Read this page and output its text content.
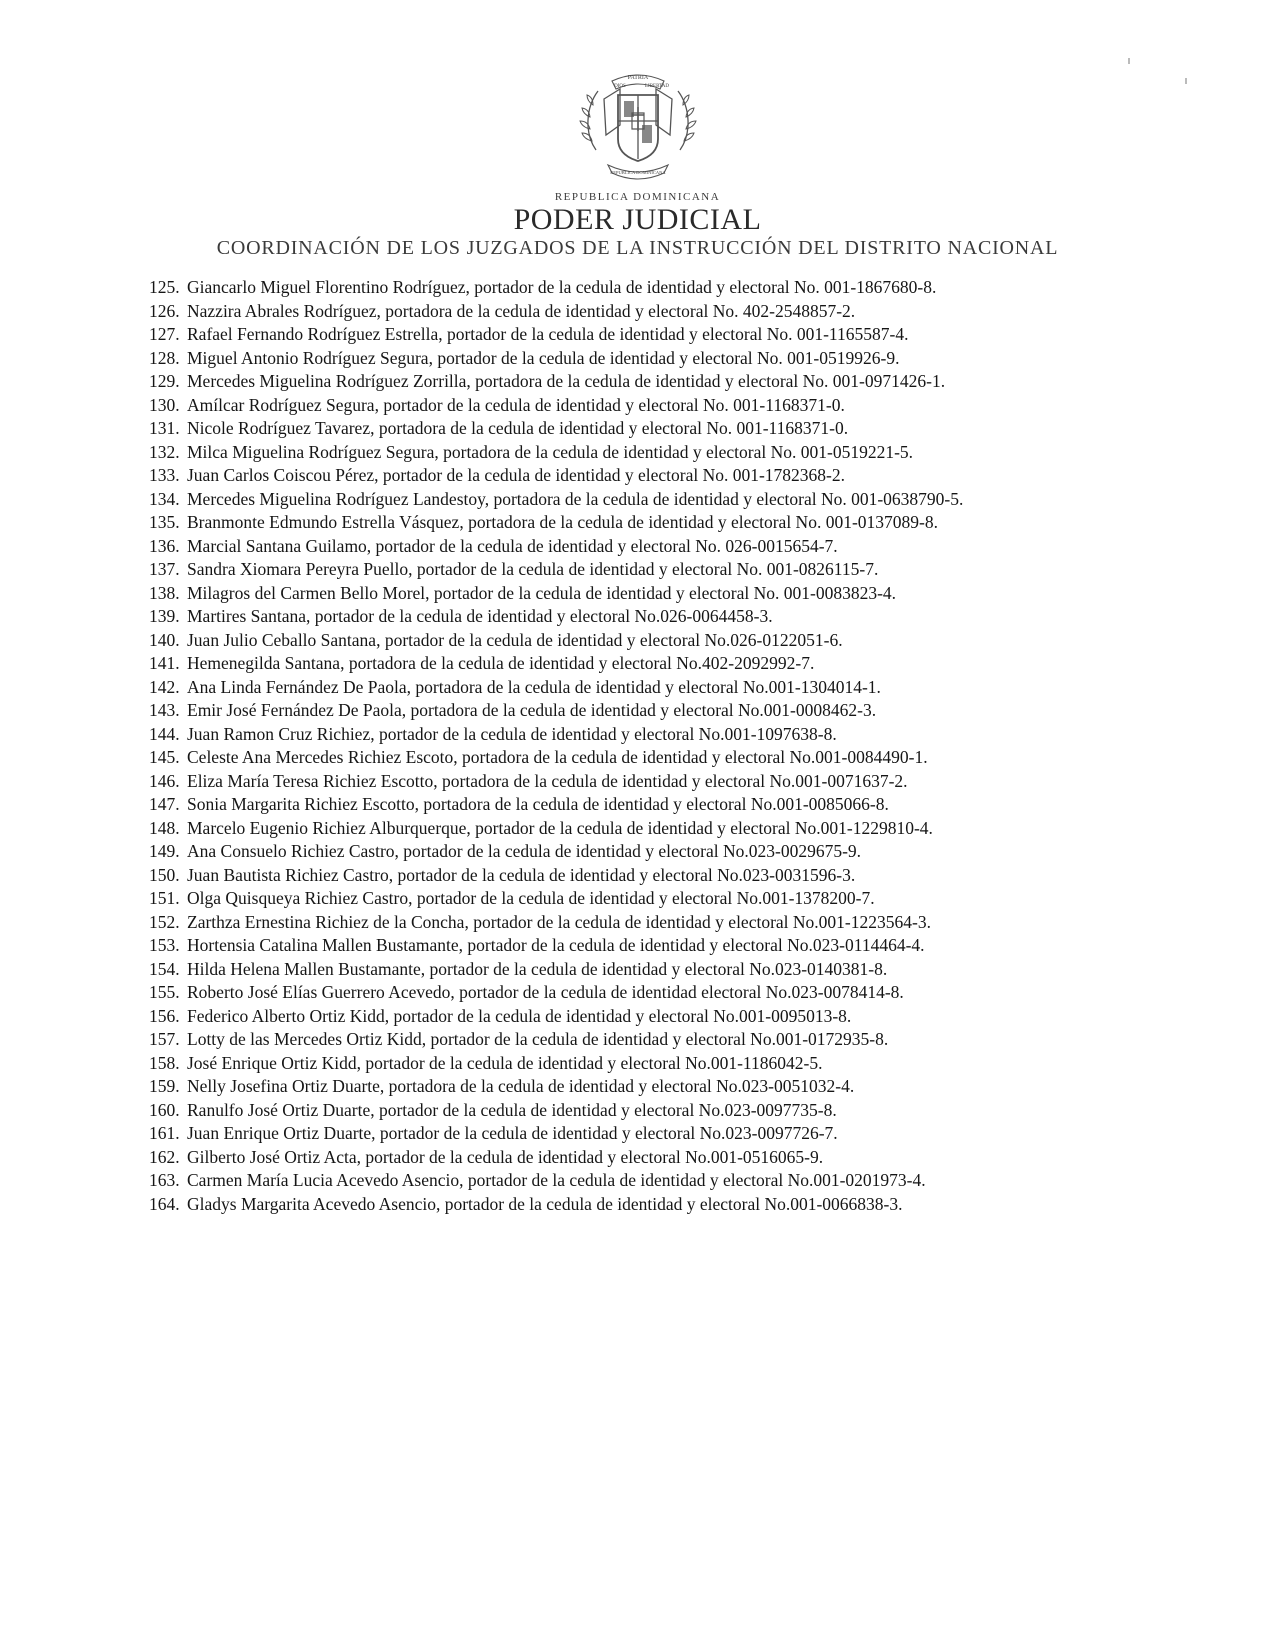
PATRIA
DIOS	LIBERTAD
REPUBLICA DOMINICANA
REPUBLICA DOMINICANA
PODER JUDICIAL
COORDINACIÓN DE LOS JUZGADOS DE LA INSTRUCCIÓN DEL DISTRITO NACIONAL
125. Giancarlo Miguel Florentino Rodríguez, portador de la cedula de identidad y electoral No. 001-1867680-8.
126. Nazzira Abrales Rodríguez, portadora de la cedula de identidad y electoral No. 402-2548857-2.
127. Rafael Fernando Rodríguez Estrella, portador de la cedula de identidad y electoral No. 001-1165587-4.
128. Miguel Antonio Rodríguez Segura, portador de la cedula de identidad y electoral No. 001-0519926-9.
129. Mercedes Miguelina Rodríguez Zorrilla, portadora de la cedula de identidad y electoral No. 001-0971426-1.
130. Amílcar Rodríguez Segura, portador de la cedula de identidad y electoral No. 001-1168371-0.
131. Nicole Rodríguez Tavarez, portadora de la cedula de identidad y electoral No. 001-1168371-0.
132. Milca Miguelina Rodríguez Segura, portadora de la cedula de identidad y electoral No. 001-0519221-5.
133. Juan Carlos Coiscou Pérez, portador de la cedula de identidad y electoral No. 001-1782368-2.
134. Mercedes Miguelina Rodríguez Landestoy, portadora de la cedula de identidad y electoral No. 001-0638790-5.
135. Branmonte Edmundo Estrella Vásquez, portadora de la cedula de identidad y electoral No. 001-0137089-8.
136. Marcial Santana Guilamo, portador de la cedula de identidad y electoral No. 026-0015654-7.
137. Sandra Xiomara Pereyra Puello, portador de la cedula de identidad y electoral No. 001-0826115-7.
138. Milagros del Carmen Bello Morel, portador de la cedula de identidad y electoral No. 001-0083823-4.
139. Martires Santana, portador de la cedula de identidad y electoral No.026-0064458-3.
140. Juan Julio Ceballo Santana, portador de la cedula de identidad y electoral No.026-0122051-6.
141. Hemenegilda Santana, portadora de la cedula de identidad y electoral No.402-2092992-7.
142. Ana Linda Fernández De Paola, portadora de la cedula de identidad y electoral No.001-1304014-1.
143. Emir José Fernández De Paola, portadora de la cedula de identidad y electoral No.001-0008462-3.
144. Juan Ramon Cruz Richiez, portador de la cedula de identidad y electoral No.001-1097638-8.
145. Celeste Ana Mercedes Richiez Escoto, portadora de la cedula de identidad y electoral No.001-0084490-1.
146. Eliza María Teresa Richiez Escotto, portadora de la cedula de identidad y electoral No.001-0071637-2.
147. Sonia Margarita Richiez Escotto, portadora de la cedula de identidad y electoral No.001-0085066-8.
148. Marcelo Eugenio Richiez Alburquerque, portador de la cedula de identidad y electoral No.001-1229810-4.
149. Ana Consuelo Richiez Castro, portador de la cedula de identidad y electoral No.023-0029675-9.
150. Juan Bautista Richiez Castro, portador de la cedula de identidad y electoral No.023-0031596-3.
151. Olga Quisqueya Richiez Castro, portador de la cedula de identidad y electoral No.001-1378200-7.
152. Zarthza Ernestina Richiez de la Concha, portador de la cedula de identidad y electoral No.001-1223564-3.
153. Hortensia Catalina Mallen Bustamante, portador de la cedula de identidad y electoral No.023-0114464-4.
154. Hilda Helena Mallen Bustamante, portador de la cedula de identidad y electoral No.023-0140381-8.
155. Roberto José Elías Guerrero Acevedo, portador de la cedula de identidad electoral No.023-0078414-8.
156. Federico Alberto Ortiz Kidd, portador de la cedula de identidad y electoral No.001-0095013-8.
157. Lotty de las Mercedes Ortiz Kidd, portador de la cedula de identidad y electoral No.001-0172935-8.
158. José Enrique Ortiz Kidd, portador de la cedula de identidad y electoral No.001-1186042-5.
159. Nelly Josefina Ortiz Duarte, portadora de la cedula de identidad y electoral No.023-0051032-4.
160. Ranulfo José Ortiz Duarte, portador de la cedula de identidad y electoral No.023-0097735-8.
161. Juan Enrique Ortiz Duarte, portador de la cedula de identidad y electoral No.023-0097726-7.
162. Gilberto José Ortiz Acta, portador de la cedula de identidad y electoral No.001-0516065-9.
163. Carmen María Lucia Acevedo Asencio, portador de la cedula de identidad y electoral No.001-0201973-4.
164. Gladys Margarita Acevedo Asencio, portador de la cedula de identidad y electoral No.001-0066838-3.
